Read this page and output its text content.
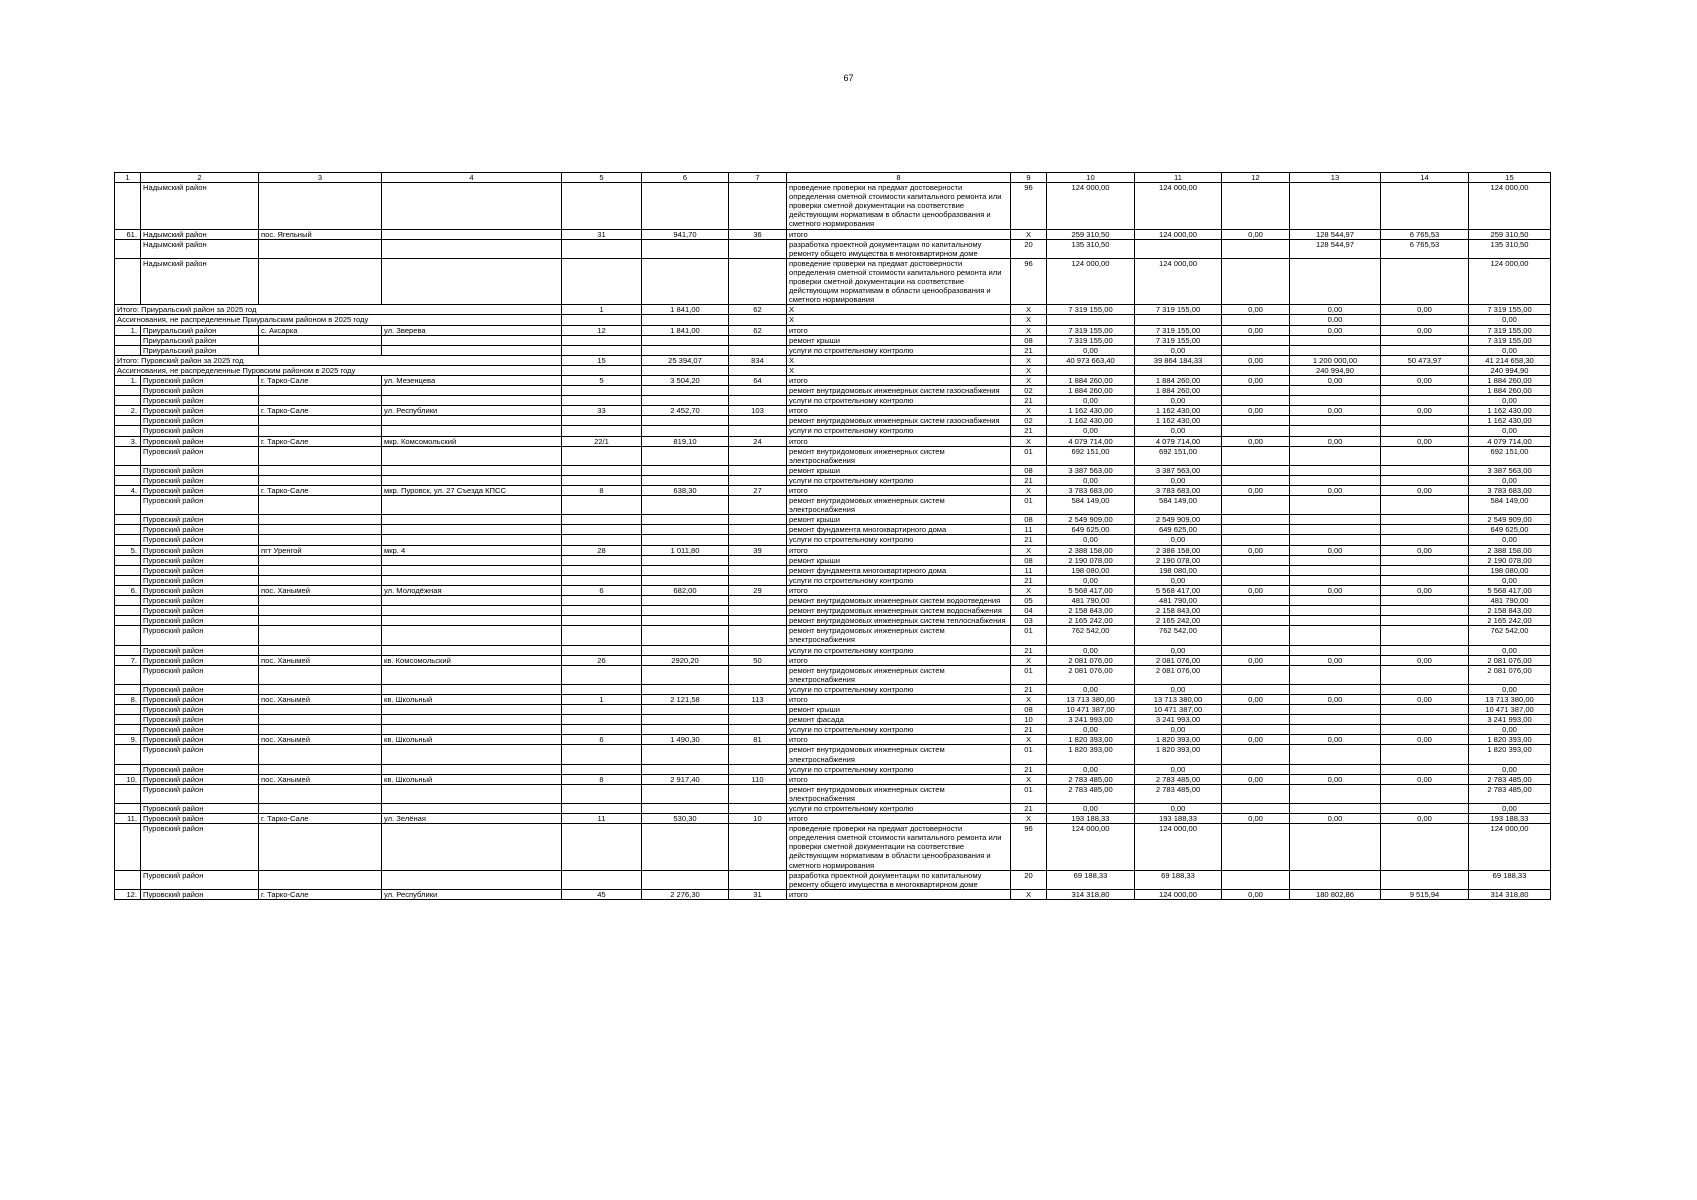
67
1	2	3	4	5	6	7	8	9	10	11	12	13	14	15
	Надымский район						проведение проверки на предмат достоверности определения сметной стоимости капитального ремонта или проверки сметной документации на соответствие действующим нормативам в области ценообразования и сметного нормирования	96	124 000,00	124 000,00				124 000,00
61.	Надымский район	пос. Ягельный		31	941,70	36	итого	X	259 310,50	124 000,00	0,00	128 544,97	6 765,53	259 310,50
	Надымский район						разработка проектной документации по капитальному ремонту общего имущества в многоквартирном доме	20	135 310,50			128 544,97	6 765,53	135 310,50
	Надымский район						проведение проверки на предмат достоверности определения сметной стоимости капитального ремонта или проверки сметной документации на соответствие действующим нормативам в области ценообразования и сметного нормирования	96	124 000,00	124 000,00				124 000,00
Итого: Приуральский район за 2025 год				1	1 841,00	62	X	X	7 319 155,00	7 319 155,00	0,00	0,00	0,00	7 319 155,00
Ассигнования, не распределенные Приуральским районом в 2025 году							X	X				0,00		0,00
1.	Приуральский район	с. Аксарка	ул. Зверева	12	1 841,00	62	итого	X	7 319 155,00	7 319 155,00	0,00	0,00	0,00	7 319 155,00
	Приуральский район						ремонт крыши	08	7 319 155,00	7 319 155,00				7 319 155,00
	Приуральский район						услуги по строительному контролю	21	0,00	0,00				0,00
Итого: Пуровский район за 2025 год				15	25 394,07	834	X	X	40 973 663,40	39 864 184,33	0,00	1 200 000,00	50 473,97	41 214 658,30
Ассигнования, не распределенные Пуровским районом в 2025 году							X	X				240 994,90		240 994,90
1.	Пуровский район	г. Тарко-Сале	ул. Мезенцева	5	3 504,20	64	итого	X	1 884 260,00	1 884 260,00	0,00	0,00	0,00	1 884 260,00
	Пуровский район						ремонт внутридомовых инженерных систем газоснабжения	02	1 884 260,00	1 884 260,00				1 884 260,00
	Пуровский район						услуги по строительному контролю	21	0,00	0,00				0,00
2.	Пуровский район	г. Тарко-Сале	ул. Республики	33	2 452,70	103	итого	X	1 162 430,00	1 162 430,00	0,00	0,00	0,00	1 162 430,00
	Пуровский район						ремонт внутридомовых инженерных систем газоснабжения	02	1 162 430,00	1 162 430,00				1 162 430,00
	Пуровский район						услуги по строительному контролю	21	0,00	0,00				0,00
3.	Пуровский район	г. Тарко-Сале	мкр. Комсомольский	22/1	819,10	24	итого	X	4 079 714,00	4 079 714,00	0,00	0,00	0,00	4 079 714,00
	Пуровский район						ремонт внутридомовых инженерных систем электроснабжения	01	692 151,00	692 151,00				692 151,00
	Пуровский район						ремонт крыши	08	3 387 563,00	3 387 563,00				3 387 563,00
	Пуровский район						услуги по строительному контролю	21	0,00	0,00				0,00
4.	Пуровский район	г. Тарко-Сале	мкр. Пуровск, ул. 27 Съезда КПСС	8	638,30	27	итого	X	3 783 683,00	3 783 683,00	0,00	0,00	0,00	3 783 683,00
	Пуровский район						ремонт внутридомовых инженерных систем электроснабжения	01	584 149,00	584 149,00				584 149,00
	Пуровский район						ремонт крыши	08	2 549 909,00	2 549 909,00				2 549 909,00
	Пуровский район						ремонт фундамента многоквартирного дома	11	649 625,00	649 625,00				649 625,00
	Пуровский район						услуги по строительному контролю	21	0,00	0,00				0,00
5.	Пуровский район	пгт Уренгой	мкр. 4	28	1 011,80	39	итого	X	2 388 158,00	2 388 158,00	0,00	0,00	0,00	2 388 158,00
	Пуровский район						ремонт крыши	08	2 190 078,00	2 190 078,00				2 190 078,00
	Пуровский район						ремонт фундамента многоквартирного дома	11	198 080,00	198 080,00				198 080,00
	Пуровский район						услуги по строительному контролю	21	0,00	0,00				0,00
6.	Пуровский район	пос. Ханымей	ул. Молодёжная	6	682,00	29	итого	X	5 568 417,00	5 568 417,00	0,00	0,00	0,00	5 568 417,00
	Пуровский район						ремонт внутридомовых инженерных систем водоотведения	05	481 790,00	481 790,00				481 790,00
	Пуровский район						ремонт внутридомовых инженерных систем водоснабжения	04	2 158 843,00	2 158 843,00				2 158 843,00
	Пуровский район						ремонт внутридомовых инженерных систем теплоснабжения	03	2 165 242,00	2 165 242,00				2 165 242,00
	Пуровский район						ремонт внутридомовых инженерных систем электроснабжения	01	762 542,00	762 542,00				762 542,00
	Пуровский район						услуги по строительному контролю	21	0,00	0,00				0,00
7.	Пуровский район	пос. Ханымей	кв. Комсомольский	26	2920,20	50	итого	X	2 081 076,00	2 081 076,00	0,00	0,00	0,00	2 081 076,00
	Пуровский район						ремонт внутридомовых инженерных систем электроснабжения	01	2 081 076,00	2 081 076,00				2 081 076,00
	Пуровский район						услуги по строительному контролю	21	0,00	0,00				0,00
8.	Пуровский район	пос. Ханымей	кв. Школьный	1	2 121,58	113	итого	X	13 713 380,00	13 713 380,00	0,00	0,00	0,00	13 713 380,00
	Пуровский район						ремонт крыши	08	10 471 387,00	10 471 387,00				10 471 387,00
	Пуровский район						ремонт фасада	10	3 241 993,00	3 241 993,00				3 241 993,00
	Пуровский район						услуги по строительному контролю	21	0,00	0,00				0,00
9.	Пуровский район	пос. Ханымей	кв. Школьный	6	1 490,30	81	итого	X	1 820 393,00	1 820 393,00	0,00	0,00	0,00	1 820 393,00
	Пуровский район						ремонт внутридомовых инженерных систем электроснабжения	01	1 820 393,00	1 820 393,00				1 820 393,00
	Пуровский район						услуги по строительному контролю	21	0,00	0,00				0,00
10.	Пуровский район	пос. Ханымей	кв. Школьный	8	2 917,40	110	итого	X	2 783 485,00	2 783 485,00	0,00	0,00	0,00	2 783 485,00
	Пуровский район						ремонт внутридомовых инженерных систем электроснабжения	01	2 783 485,00	2 783 485,00				2 783 485,00
	Пуровский район						услуги по строительному контролю	21	0,00	0,00				0,00
11.	Пуровский район	г. Тарко-Сале	ул. Зелёная	11	530,30	10	итого	X	193 188,33	193 188,33	0,00	0,00	0,00	193 188,33
	Пуровский район						проведение проверки на предмат достоверности определения сметной стоимости капитального ремонта или проверки сметной документации на соответствие действующим нормативам в области ценообразования и сметного нормирования	96	124 000,00	124 000,00				124 000,00
	Пуровский район						разработка проектной документации по капитальному ремонту общего имущества в многоквартирном доме	20	69 188,33	69 188,33				69 188,33
12.	Пуровский район	г. Тарко-Сале	ул. Республики	45	2 276,30	31	итого	X	314 318,80	124 000,00	0,00	180 802,86	9 515,94	314 318,80
